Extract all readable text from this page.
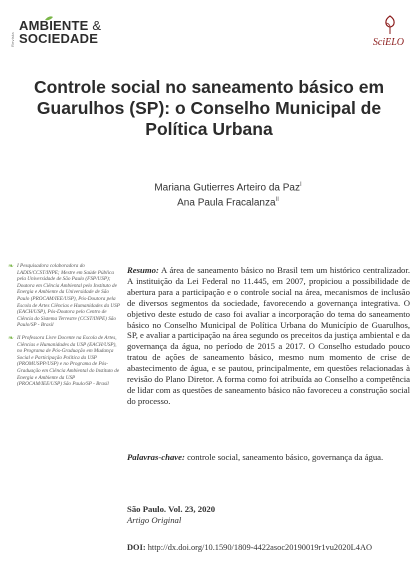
Revista
AMBIENTE &
SOCIEDADE	SciELO
Controle social no saneamento básico em Guarulhos (SP): o Conselho Municipal de Política Urbana
Mariana Gutierres Arteiro da Paz$^I$
Ana Paula Fracalanza$^{II}$
❧ I Pesquisadora colaboradora do LADIS/CCST/INPE; Mestre em Saúde Pública pela Universidade de São Paulo (FSP/USP); Doutora em Ciência Ambiental pelo Instituto de Energia e Ambiente da Universidade de São Paulo (PROCAM/IEE/USP), Pós-Doutora pela Escola de Artes Ciências e Humanidades da USP (EACH/USP), Pós-Doutora pelo Centro de Ciência do Sistema Terrestre (CCST/INPE) São Paulo/SP - Brasil
❧ II Professora Livre Docente na Escola de Artes, Ciências e Humanidades da USP (EACH/USP), no Programa de Pós-Graduação em Mudança Social e Participação Política da USP (PROMUSPP/USP) e no Programa de Pós-Graduação em Ciência Ambiental do Instituto de Energia e Ambiente da USP (PROCAM/IEE/USP) São Paulo/SP - Brasil

Resumo: A área de saneamento básico no Brasil tem um histórico centralizador. A instituição da Lei Federal no 11.445, em 2007, propiciou a possibilidade de abertura para a participação e o controle social na área, mecanismos de inclusão de diversos segmentos da sociedade, favorecendo a governança integrativa. O objetivo deste estudo de caso foi avaliar a incorporação do tema do saneamento básico no Conselho Municipal de Política Urbana do Município de Guarulhos, SP, e avaliar a participação na área segundo os preceitos da justiça ambiental e da governança da água, no período de 2015 a 2017. O Conselho estudado pouco tratou de ações de saneamento básico, mesmo num momento de crise de abastecimento de água, e se pautou, principalmente, em questões relacionadas à revisão do Plano Diretor. A forma como foi atribuída ao Conselho a competência de lidar com as questões de saneamento básico não favoreceu a construção social do processo.

Palavras-chave: controle social, saneamento básico, governança da água.

São Paulo. Vol. 23, 2020
Artigo Original
DOI: http://dx.doi.org/10.1590/1809-4422asoc20190019r1vu2020L4AO
